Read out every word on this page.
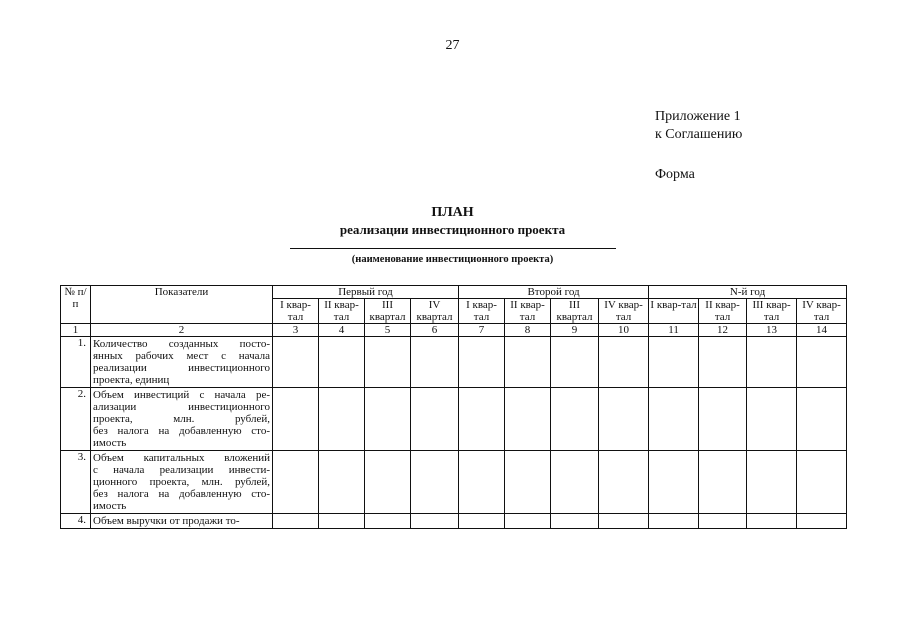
27
Приложение 1
к Соглашению
Форма
ПЛАН
реализации инвестиционного проекта
(наименование инвестиционного проекта)
№ п/п	Показатели	Первый год				Второй год				N-й год			
		I квар-тал	II квар-тал	III квартал	IV квартал	I квар-тал	II квар-тал	III квартал	IV квар-тал	I квар-тал	II квар-тал	III квар-тал	IV квар-тал
1	2	3	4	5	6	7	8	9	10	11	12	13	14
1.	Количество созданных посто-
янных рабочих мест с начала
реализации инвестиционного
проекта, единиц												

2.	Объем инвестиций с начала ре-
ализации инвестиционного
проекта, млн. рублей,
без налога на добавленную сто-
имость												

3.	Объем капитальных вложений
с начала реализации инвести-
ционного проекта, млн. рублей,
без налога на добавленную сто-
имость												

4.	Объем выручки от продажи то-												
